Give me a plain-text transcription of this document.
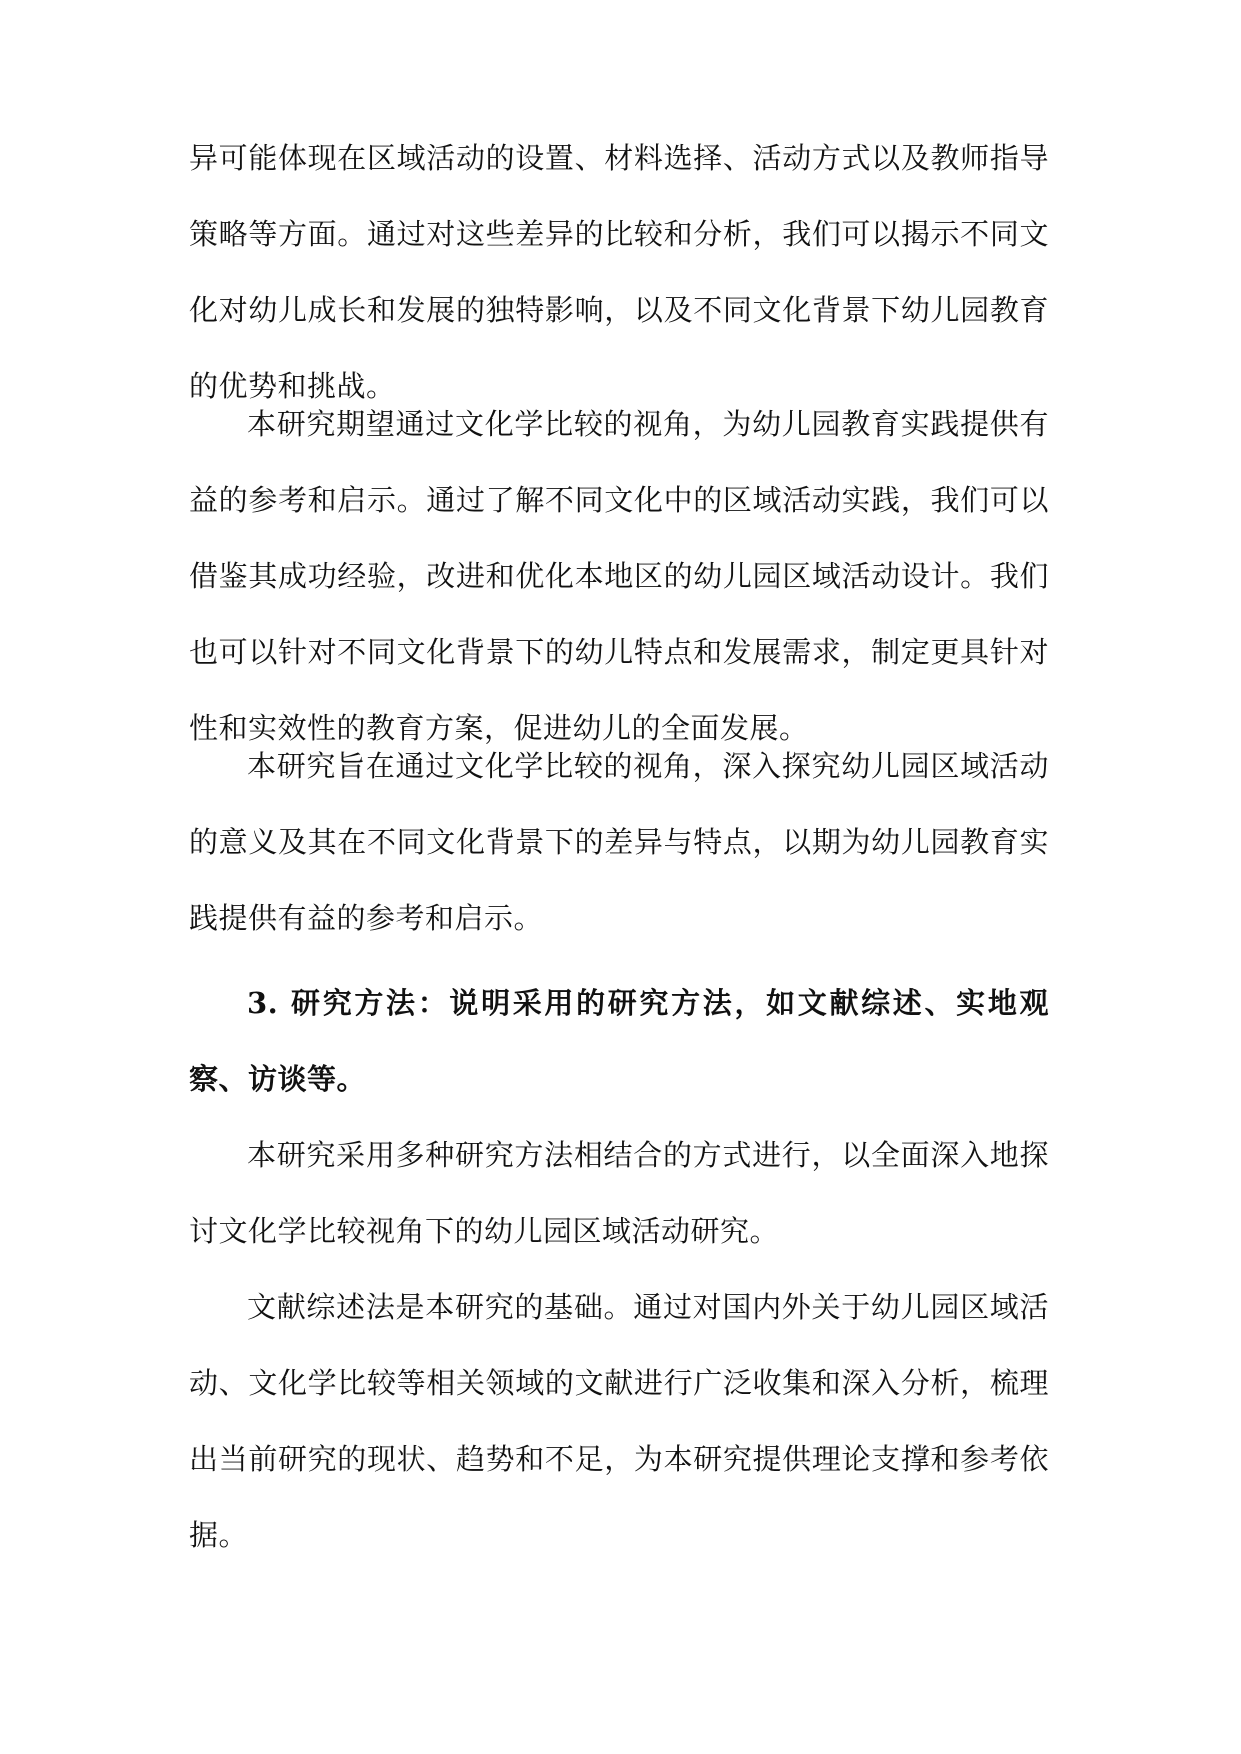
异可能体现在区域活动的设置、材料选择、活动方式以及教师指导策略等方面。通过对这些差异的比较和分析，我们可以揭示不同文化对幼儿成长和发展的独特影响，以及不同文化背景下幼儿园教育的优势和挑战。

本研究期望通过文化学比较的视角，为幼儿园教育实践提供有益的参考和启示。通过了解不同文化中的区域活动实践，我们可以借鉴其成功经验，改进和优化本地区的幼儿园区域活动设计。我们也可以针对不同文化背景下的幼儿特点和发展需求，制定更具针对性和实效性的教育方案，促进幼儿的全面发展。

本研究旨在通过文化学比较的视角，深入探究幼儿园区域活动的意义及其在不同文化背景下的差异与特点，以期为幼儿园教育实践提供有益的参考和启示。

3. 研究方法：说明采用的研究方法，如文献综述、实地观察、访谈等。

本研究采用多种研究方法相结合的方式进行，以全面深入地探讨文化学比较视角下的幼儿园区域活动研究。

文献综述法是本研究的基础。通过对国内外关于幼儿园区域活动、文化学比较等相关领域的文献进行广泛收集和深入分析，梳理出当前研究的现状、趋势和不足，为本研究提供理论支撑和参考依据。
